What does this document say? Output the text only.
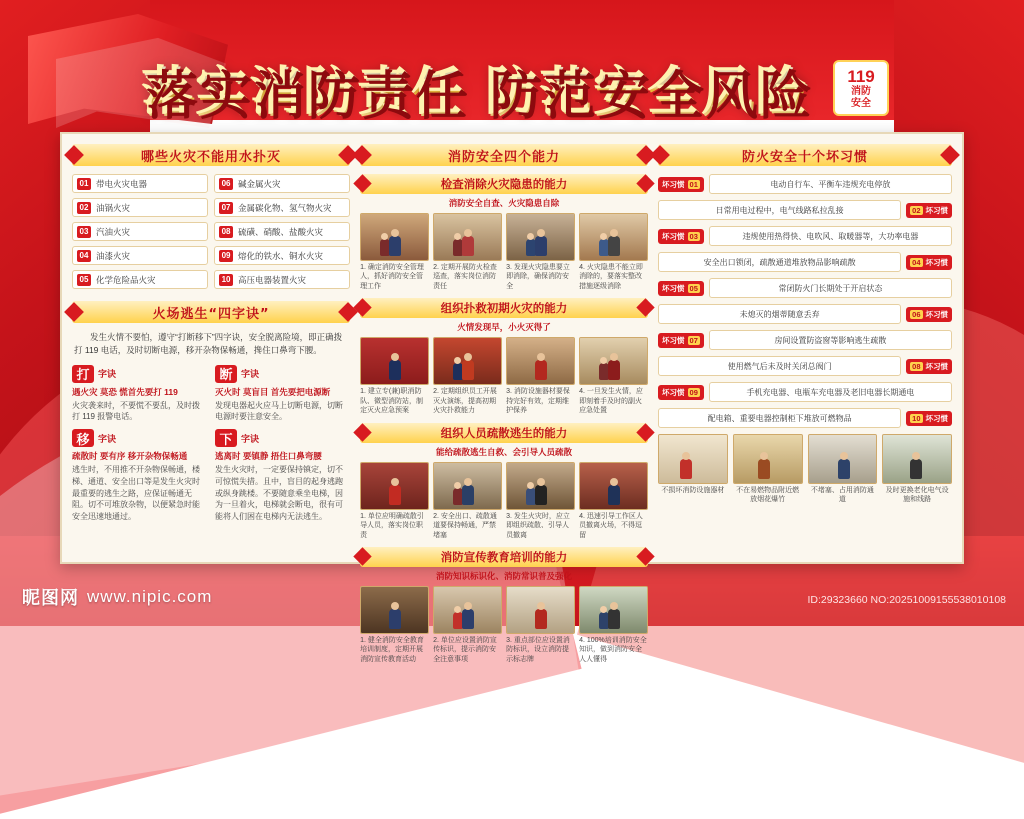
落实消防责任 防范安全风险	119
消防
安全
哪些火灾不能用水扑灭
01 带电火灾电器
02 油锅火灾
03 汽油火灾
04 油漆火灾
05 化学危险品火灾
06 碱金属火灾
07 金属碳化物、氢气物火灾
08 硫磺、硝酸、盐酸火灾
09 熔化的铁水、铜水火灾
10 高压电器装置火灾
火场逃生“四字诀”
发生火情不要怕，遵守“打断移下”四字诀，安全脱离险境，即正确拨打 119 电话，及时切断电源，移开杂物保畅通，搀住口鼻弯下腰。
打 字诀
遇火灾 莫恐 慌首先要打 119
火灾袭来时，不要慌不要乱，及时拨打 119 报警电话。
断 字诀
灭火时 莫盲目 首先要把电源断
发现电器起火应马上切断电源，切断电源时要注意安全。
移 字诀
疏散时 要有序 移开杂物保畅通
逃生时，不用推不开杂物保畅通，楼梯、通道、安全出口等是发生火灾时最重要的逃生之路，应保证畅通无阻。切不可堆放杂物，以便紧急时能安全迅速地通过。
下 字诀
逃离时 要镇静 捂住口鼻弯腰
发生火灾时，一定要保持镇定，切不可惊慌失措。且中，盲目的起身逃跑或纵身跳楼。不要随意乘坐电梯，因为一旦着火，电梯就会断电，很有可能将人们困在电梯内无法逃生。
消防安全四个能力
检查消除火灾隐患的能力
消防安全自查、火灾隐患自除
1. 确定消防安全管理人，抓好消防安全管理工作
2. 定期开展防火检查巡查，落实岗位消防责任
3. 发现火灾隐患要立即消除，确保消防安全
4. 火灾隐患不能立即消除的，要落实整改措施逐级消除
组织扑救初期火灾的能力
火情发现早，小火灭得了
1. 建立专(兼)职消防队、微型消防站，制定灭火应急预案
2. 定期组织员工开展灭火演练，提高初期火灾扑救能力
3. 消防设施器材要保持完好有效，定期维护保养
4. 一旦发生火情，应即刻着手及时的副火应急处置
组织人员疏散逃生的能力
能给疏散逃生自救、会引导人员疏散
1. 单位应明确疏散引导人员，落实岗位职责
2. 安全出口、疏散通道要保持畅通，严禁堵塞
3. 发生火灾时，应立即组织疏散、引导人员撤离
4. 迅速引导工作区人员撤离火场，不得逗留
消防宣传教育培训的能力
消防知识标识化、消防常识普及强化
1. 健全消防安全教育培训制度，定期开展消防宣传教育活动
2. 单位应设置消防宣传标识，提示消防安全注意事项
3. 重点部位应设置消防标识，设立消防提示标志牌
4. 100%培训消防安全知识，做到消防安全人人懂得
防火安全十个坏习惯
坏习惯 01	电动自行车、平衡车违规充电停放
02 坏习惯
日常用电过程中，电气线路私拉乱接
坏习惯 03	违规使用热得快、电吹风、取暖器等，大功率电器
04 坏习惯
安全出口锁闭，疏散通道堆放物品影响疏散
坏习惯 05	常闭防火门长期处于开启状态
06 坏习惯
未熄灭的烟蒂随意丢弃
坏习惯 07	房间设置防盗窗等影响逃生疏散
08 坏习惯
使用燃气后未及时关闭总阀门
坏习惯 09	手机充电器、电瓶车充电器及老旧电器长期通电
10 坏习惯
配电箱、重要电器控制柜下堆放可燃物品
不损坏消防设施器材	不在易燃物品附近燃放烟花爆竹
不堵塞、占用消防通道
及时更换老化电气设施和线路
昵图网 www.nipic.com	ID:29323660 NO:20251009155538010108
